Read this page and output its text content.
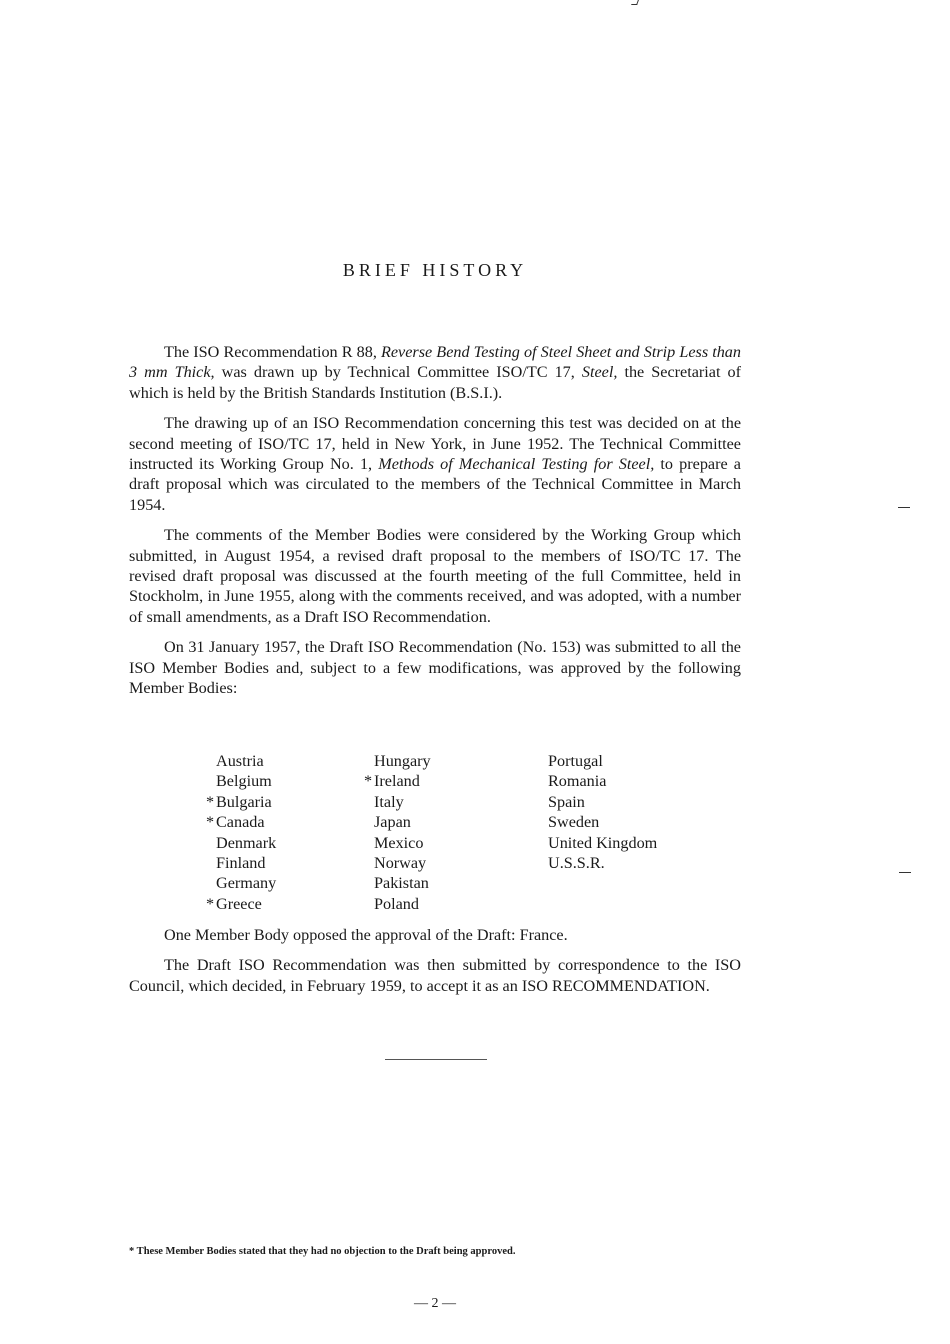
BRIEF HISTORY

The ISO Recommendation R 88, Reverse Bend Testing of Steel Sheet and Strip Less than 3 mm Thick, was drawn up by Technical Committee ISO/TC 17, Steel, the Secretariat of which is held by the British Standards Institution (B.S.I.).

The drawing up of an ISO Recommendation concerning this test was decided on at the second meeting of ISO/TC 17, held in New York, in June 1952. The Technical Committee instructed its Working Group No. 1, Methods of Mechanical Testing for Steel, to prepare a draft proposal which was circulated to the members of the Technical Committee in March 1954.

The comments of the Member Bodies were considered by the Working Group which submitted, in August 1954, a revised draft proposal to the members of ISO/TC 17. The revised draft proposal was discussed at the fourth meeting of the full Committee, held in Stockholm, in June 1955, along with the comments received, and was adopted, with a number of small amendments, as a Draft ISO Recommendation.

On 31 January 1957, the Draft ISO Recommendation (No. 153) was submitted to all the ISO Member Bodies and, subject to a few modifications, was approved by the following Member Bodies:

Austria
Belgium
* Bulgaria
* Canada
Denmark
Finland
Germany
* Greece
Hungary
* Ireland
Italy
Japan
Mexico
Norway
Pakistan
Poland
Portugal
Romania
Spain
Sweden
United Kingdom
U.S.S.R.

One Member Body opposed the approval of the Draft: France.

The Draft ISO Recommendation was then submitted by correspondence to the ISO Council, which decided, in February 1959, to accept it as an ISO RECOMMENDATION.

* These Member Bodies stated that they had no objection to the Draft being approved.
— 2 —
